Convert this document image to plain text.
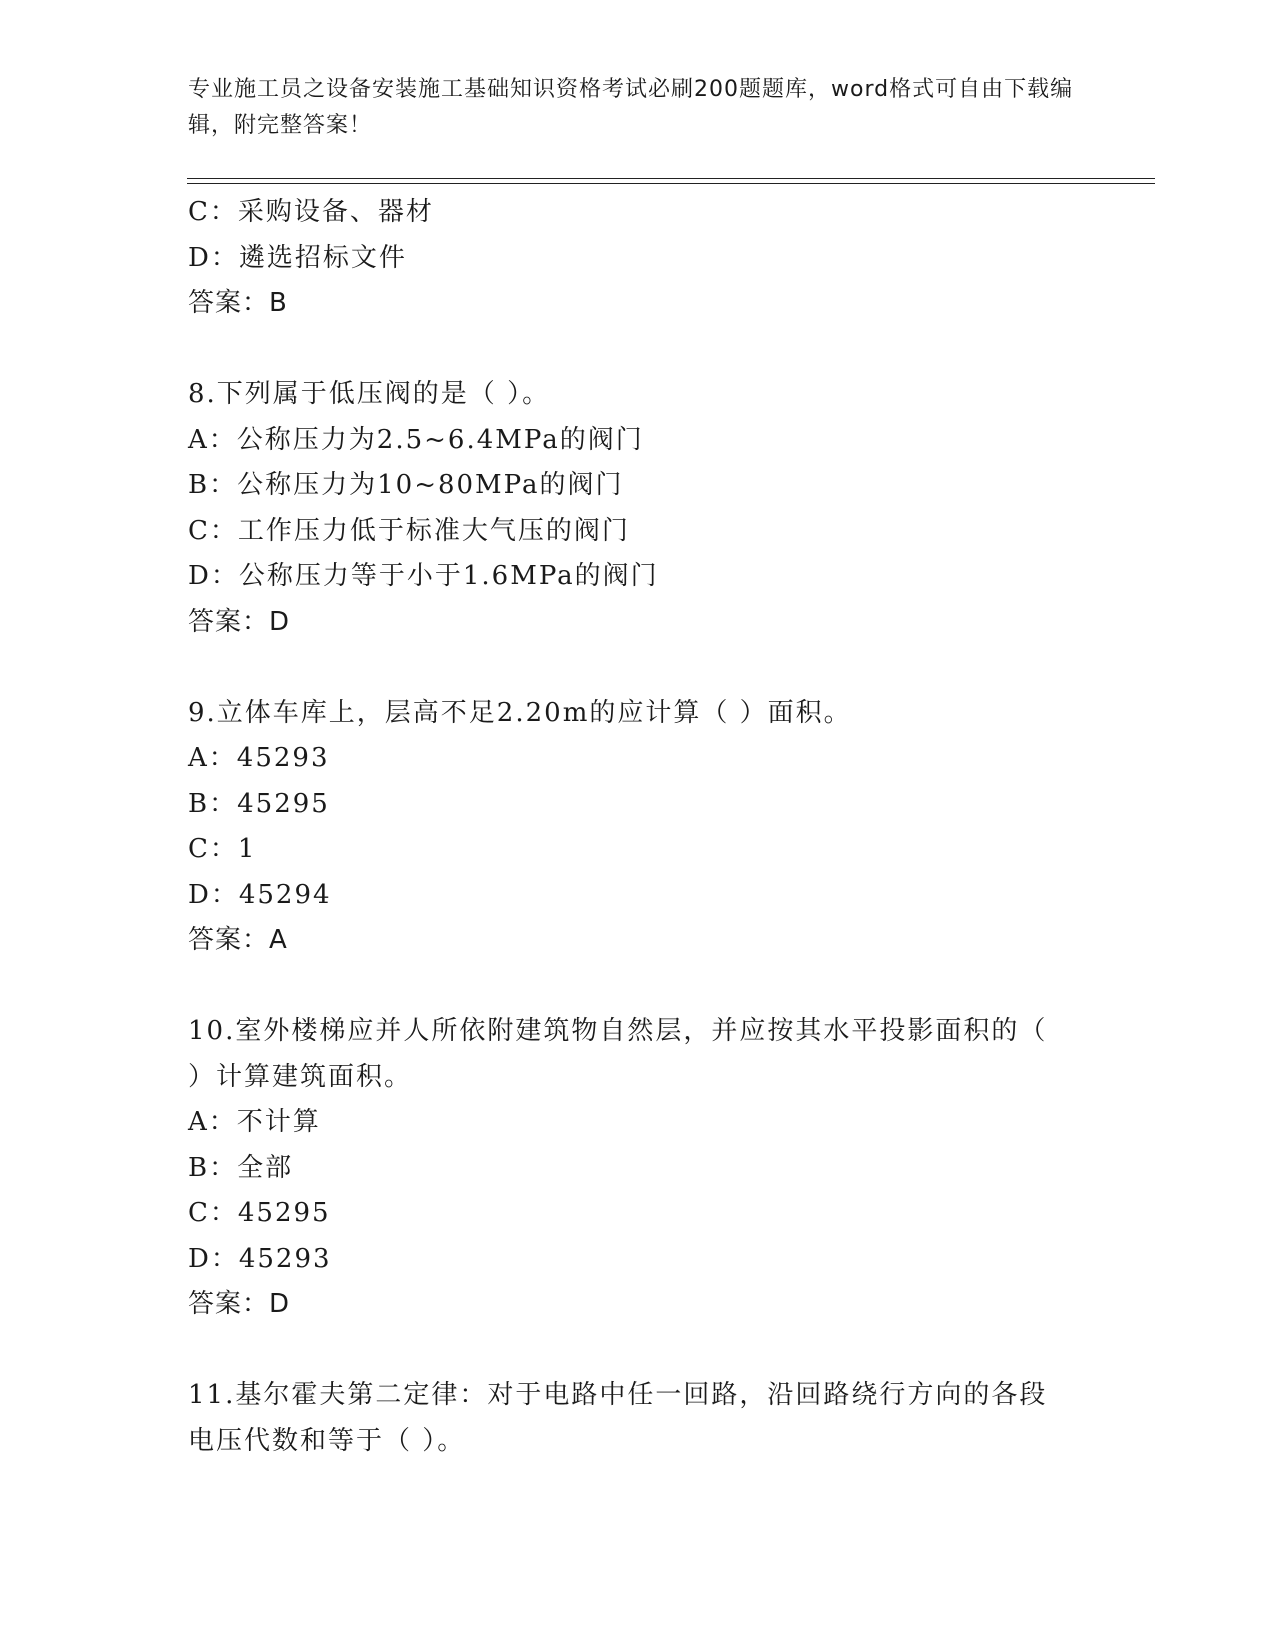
专业施工员之设备安装施工基础知识资格考试必刷200题题库，word格式可自由下载编辑，附完整答案！
C：采购设备、器材
D：遴选招标文件
答案：B
8.下列属于低压阀的是（ ）。
A：公称压力为2.5~6.4MPa的阀门
B：公称压力为10~80MPa的阀门
C：工作压力低于标准大气压的阀门
D：公称压力等于小于1.6MPa的阀门
答案：D
9.立体车库上，层高不足2.20m的应计算（ ）面积。
A：45293
B：45295
C：1
D：45294
答案：A
10.室外楼梯应并人所依附建筑物自然层，并应按其水平投影面积的（ ）计算建筑面积。
A：不计算
B：全部
C：45295
D：45293
答案：D
11.基尔霍夫第二定律：对于电路中任一回路，沿回路绕行方向的各段电压代数和等于（ ）。
